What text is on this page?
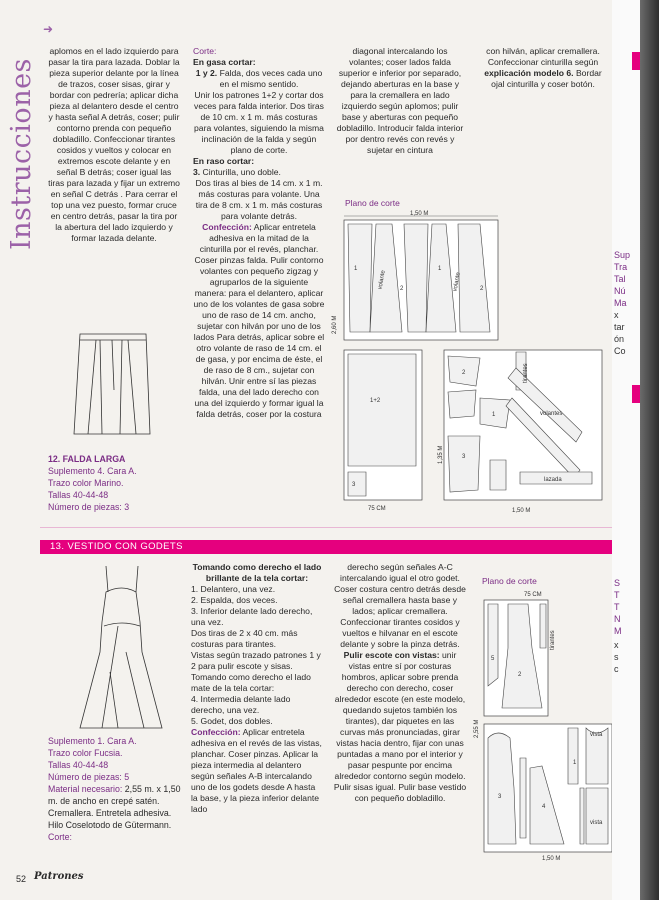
Sup
Tra
Tal
Nú
Ma
x
tar
ón
Co
S
T
T
N
M
x
s
c
➜
Instrucciones
aplomos en el lado izquierdo para pasar la tira para lazada. Doblar la pieza superior delante por la línea de trazos, coser sisas, girar y bordar con pedrería; aplicar dicha pieza al delantero desde el centro y hasta señal A detrás, coser; pulir contorno prenda con pequeño dobladillo. Confeccionar tirantes cosidos y vueltos y colocar en extremos escote delante y en señal B detrás; coser igual las tiras para lazada y fijar un extremo en señal C detrás . Para cerrar el top una vez puesto, formar cruce en centro detrás, pasar la tira por la abertura del lado izquierdo y formar lazada delante.

Corte:

En gasa cortar:

1 y 2. Falda, dos veces cada uno en el mismo sentido.

Unir los patrones 1+2 y cortar dos veces para falda interior. Dos tiras de 10 cm. x 1 m. más costuras para volantes, siguiendo la misma inclinación de la falda y según plano de corte.

En raso cortar:

3. Cinturilla, uno doble.

Dos tiras al bies de 14 cm. x 1 m. más costuras para volante. Una tira de 8 cm. x 1 m. más costuras para volante detrás.

Confección: Aplicar entretela adhesiva en la mitad de la cinturilla por el revés, planchar. Coser pinzas falda. Pulir contorno volantes con pequeño zigzag y agruparlos de la siguiente manera: para el delantero, aplicar uno de los volantes de gasa sobre uno de raso de 14 cm. ancho, sujetar con hilván por uno de los lados Para detrás, aplicar sobre el otro volante de raso de 14 cm. el de gasa, y por encima de éste, el de raso de 8 cm., sujetar con hilván. Unir entre sí las piezas falda, una del lado derecho con una del izquierdo y formar igual la falda detrás, coser por la costura

diagonal intercalando los volantes; coser lados falda superior e inferior por separado, dejando aberturas en la base y para la cremallera en lado izquierdo según aplomos; pulir base y aberturas con pequeño dobladillo. Introducir falda interior por dentro revés con revés y sujetar en cintura
con hilván, aplicar cremallera. Confeccionar cinturilla según explicación modelo 6. Bordar ojal cinturilla y coser botón.
Plano de corte
1,50 M
2,60 M
1,35 M
1
2
1
2
volante	volante
1+2
3
75 CM
2
1
3
tirantes
volantes
lazada
1,50 M

12. FALDA LARGA

Suplemento 4. Cara A.

Trazo color Marino.

Tallas 40-44-48

Número de piezas: 3

13. VESTIDO CON GODETS

Suplemento 1. Cara A.

Trazo color Fucsia.

Tallas 40-44-48

Número de piezas: 5

Material necesario: 2,55 m. x 1,50 m. de ancho en crepé satén. Cremallera. Entretela adhesiva. Hilo Coselotodo de Gütermann.

Corte:

Tomando como derecho el lado brillante de la tela cortar:

1. Delantero, una vez.
2. Espalda, dos veces.
3. Inferior delante lado derecho, una vez.
Dos tiras de 2 x 40 cm. más costuras para tirantes.
Vistas según trazado patrones 1 y 2 para pulir escote y sisas.
Tomando como derecho el lado mate de la tela cortar:
4. Intermedia delante lado derecho, una vez.
5. Godet, dos dobles.

Confección: Aplicar entretela adhesiva en el revés de las vistas, planchar. Coser pinzas. Aplicar la pieza intermedia al delantero según señales A-B intercalando uno de los godets desde A hasta la base, y la pieza inferior delante lado

derecho según señales A-C intercalando igual el otro godet. Coser costura centro detrás desde señal cremallera hasta base y lados; aplicar cremallera. Confeccionar tirantes cosidos y vueltos e hilvanar en el escote delante y sobre la pinza detrás. Pulir escote con vistas: unir vistas entre sí por costuras hombros, aplicar sobre prenda derecho con derecho, coser alrededor escote (en este modelo, quedando sujetos también los tirantes), dar piquetes en las curvas más pronunciadas, girar vistas hacia dentro, fijar con unas puntadas a mano por el interior y pasar pespunte por encima alrededor contorno según modelo. Pulir sisas igual. Pulir base vestido con pequeño dobladillo.
Plano de corte
75 CM
2,55 M
1,50 M
5
2
3
4
1
tirantes
vista
vista
52 Patrones
